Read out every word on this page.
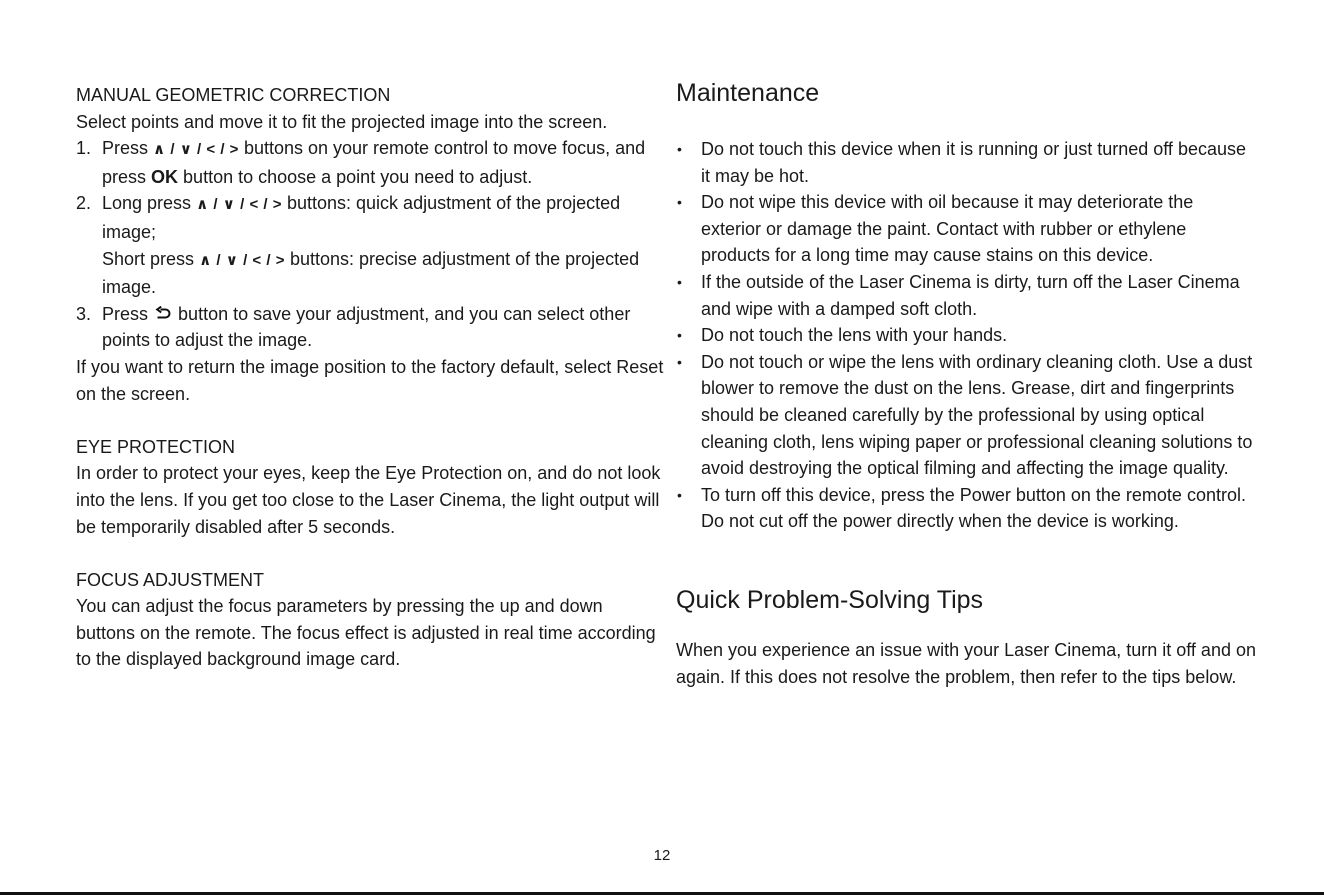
MANUAL GEOMETRIC CORRECTION

Select points and move it to fit the projected image into the screen.

1. Press ∧ / ∨ / < / > buttons on your remote control to move focus, and press OK button to choose a point you need to adjust.
2. Long press ∧ / ∨ / < / > buttons: quick adjustment of the projected image;
Short press ∧ / ∨ / < / > buttons: precise adjustment of the projected image.
3. Press button to save your adjustment, and you can select other points to adjust the image.

If you want to return the image position to the factory default, select Reset on the screen.

EYE PROTECTION

In order to protect your eyes, keep the Eye Protection on, and do not look into the lens. If you get too close to the Laser Cinema, the light output will be temporarily disabled after 5 seconds.

FOCUS ADJUSTMENT

You can adjust the focus parameters by pressing the up and down buttons on the remote. The focus effect is adjusted in real time according to the displayed background image card.

Maintenance
• Do not touch this device when it is running or just turned off because it may be hot.
• Do not wipe this device with oil because it may deteriorate the exterior or damage the paint. Contact with rubber or ethylene products for a long time may cause stains on this device.
• If the outside of the Laser Cinema is dirty, turn off the Laser Cinema and wipe with a damped soft cloth.
• Do not touch the lens with your hands.
• Do not touch or wipe the lens with ordinary cleaning cloth. Use a dust blower to remove the dust on the lens. Grease, dirt and fingerprints should be cleaned carefully by the professional by using optical cleaning cloth, lens wiping paper or professional cleaning solutions to avoid destroying the optical filming and affecting the image quality.
• To turn off this device, press the Power button on the remote control. Do not cut off the power directly when the device is working.
Quick Problem-Solving Tips

When you experience an issue with your Laser Cinema, turn it off and on again. If this does not resolve the problem, then refer to the tips below.

12
